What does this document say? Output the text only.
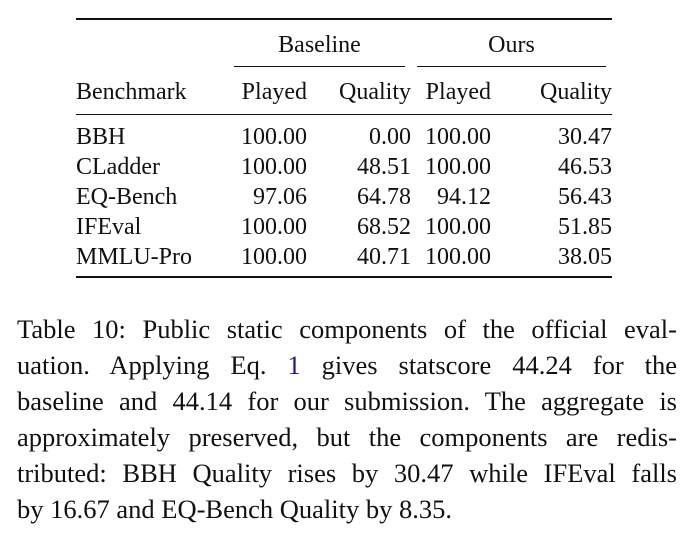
	Baseline		Ours	

Benchmark	Played	Quality	Played	Quality

BBH	100.00	0.00	100.00	30.47
CLadder	100.00	48.51	100.00	46.53
EQ-Bench	97.06	64.78	94.12	56.43
IFEval	100.00	68.52	100.00	51.85
MMLU-Pro	100.00	40.71	100.00	38.05

Table 10: Public static components of the official eval-
uation. Applying Eq. 1 gives statscore 44.24 for the
baseline and 44.14 for our submission. The aggregate is
approximately preserved, but the components are redis-
tributed: BBH Quality rises by 30.47 while IFEval falls
by 16.67 and EQ-Bench Quality by 8.35.
